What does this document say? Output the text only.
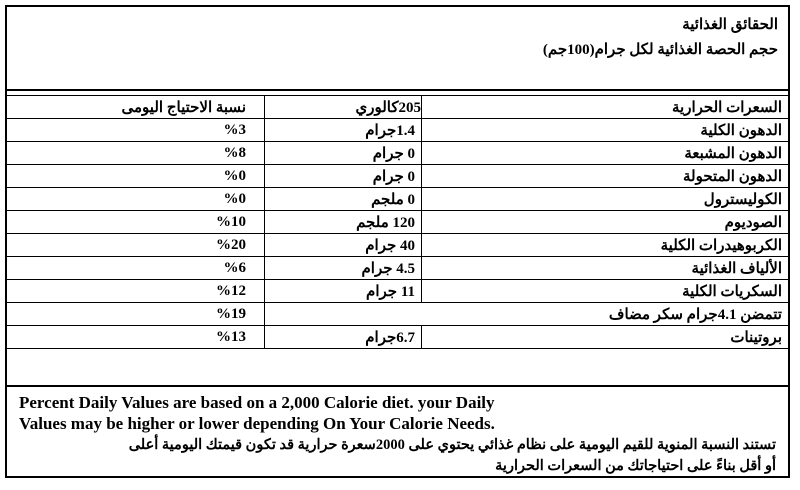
الحقائق الغذائية
حجم الحصة الغذائية لكل جرام(100جم)
السعرات الحرارية	205كالوري	نسبة الاحتياج اليومى
الدهون الكلية	1.4جرام	%3
الدهون المشبعة	0 جرام	%8
الدهون المتحولة	0 جرام	%0
الكوليسترول	0 ملجم	%0
الصوديوم	120 ملجم	%10
الكربوهيدرات الكلية	40 جرام	%20
الألياف الغذائية	4.5 جرام	%6
السكريات الكلية	11 جرام	%12
تتمضن 4.1جرام سكر مضاف		%19
بروتينات	6.7جرام	%13
Percent Daily Values are based on a 2,000 Calorie diet. your Daily
Values may be higher or lower depending On Your Calorie Needs.
تستند النسبة المنوية للقيم اليومية على نظام غذائي يحتوي على 2000سعرة حرارية قد تكون قيمتك اليومية أعلى
أو أقل بناءً على احتياجاتك من السعرات الحرارية
